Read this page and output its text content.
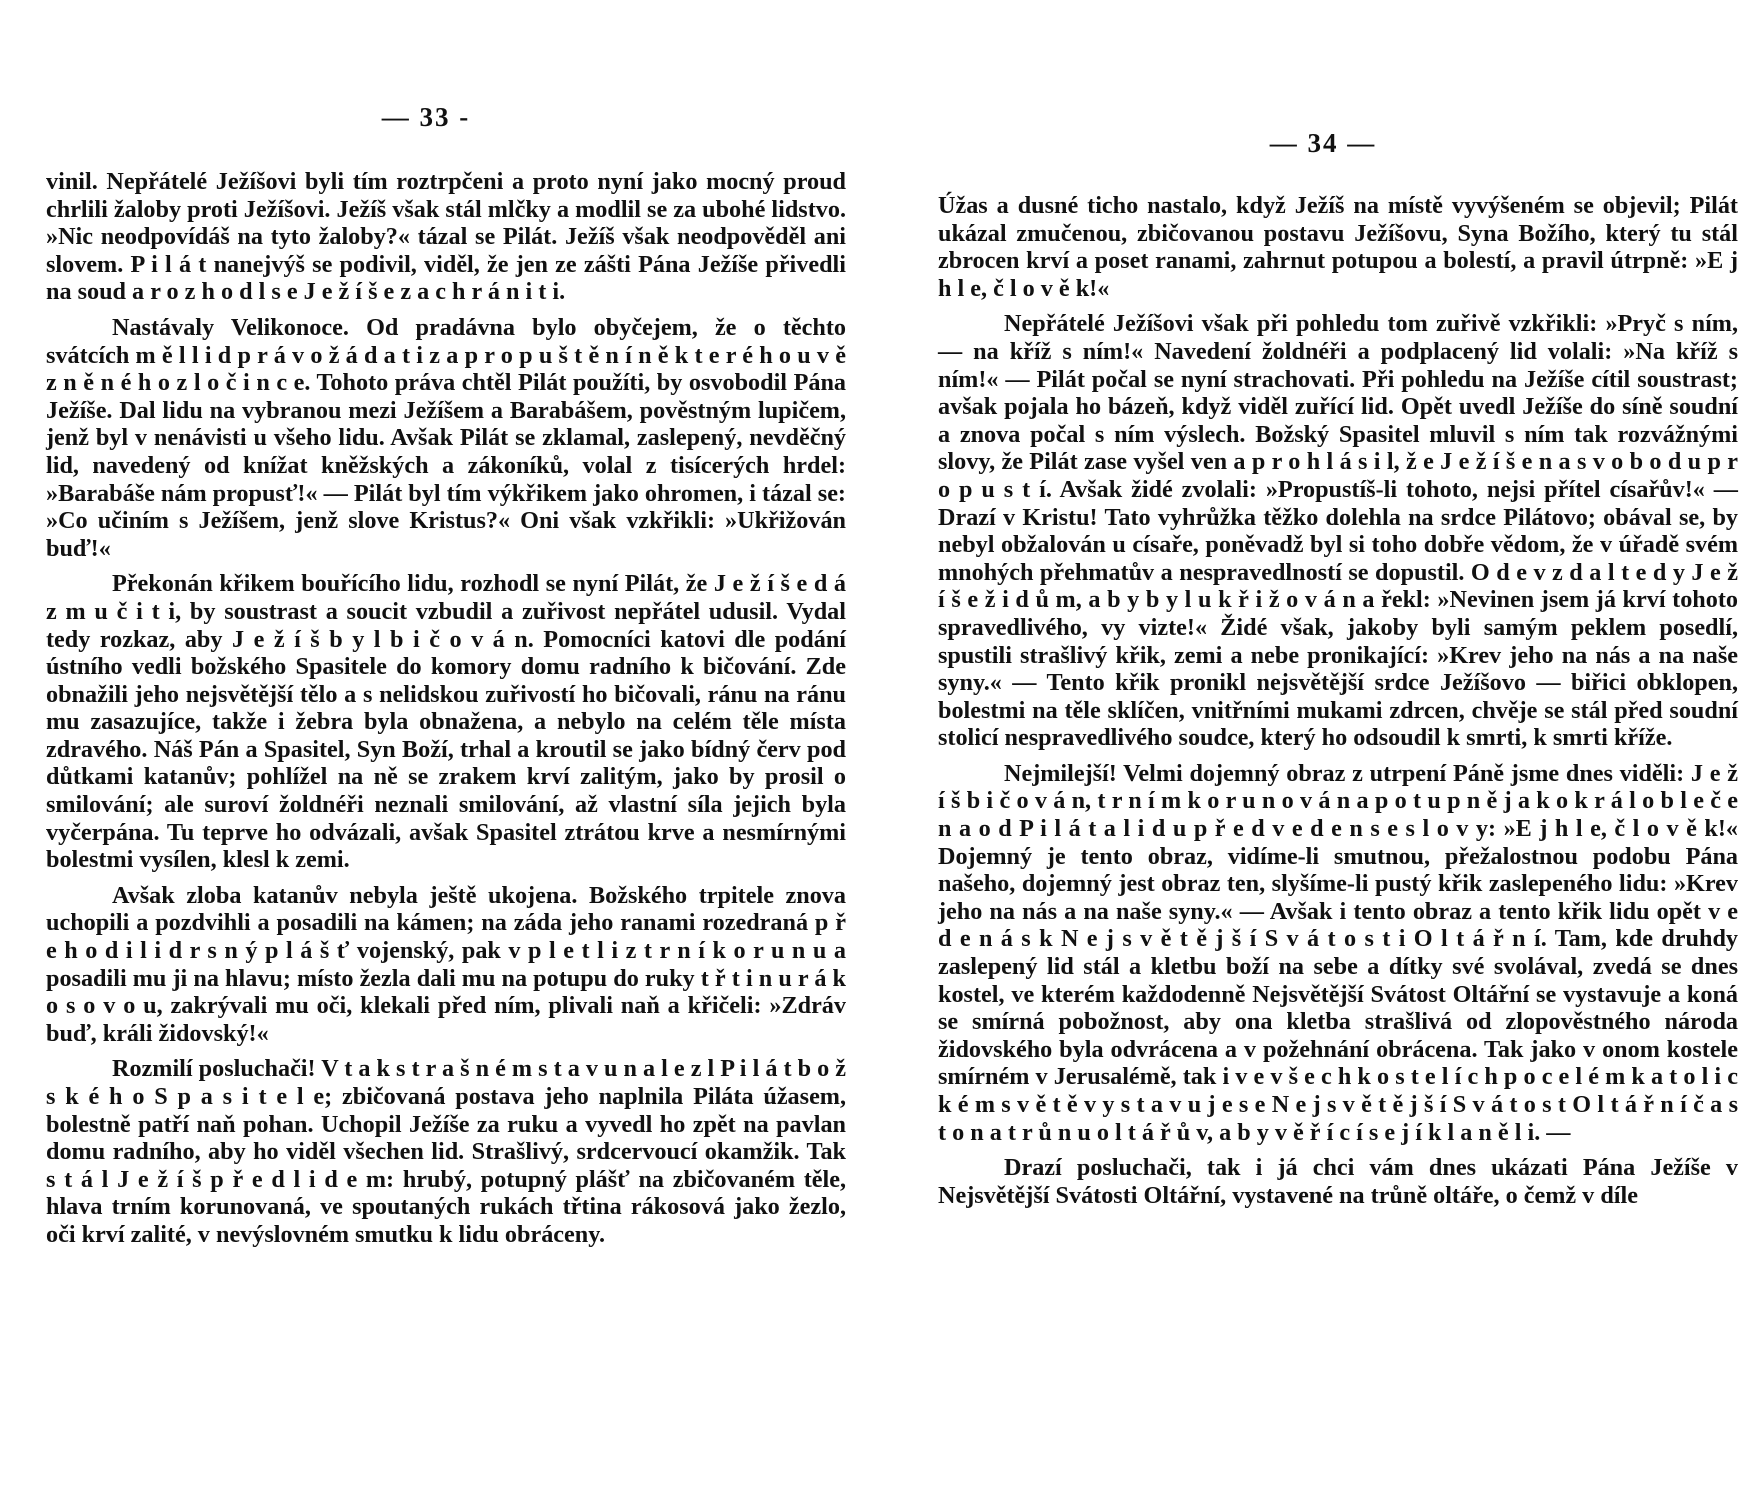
— 33 -

vinil. Nepřátelé Ježíšovi byli tím roztrpčeni a proto nyní jako mocný proud chrlili žaloby proti Ježíšovi. Ježíš však stál mlčky a modlil se za ubohé lidstvo. »Nic neodpovídáš na tyto žaloby?« tázal se Pilát. Ježíš však neodpověděl ani slovem. P i l á t nanejvýš se podivil, viděl, že jen ze zášti Pána Ježíše přivedli na soud a r o z h o d l s e J e ž í š e z a c h r á n i t i.

Nastávaly Velikonoce. Od pradávna bylo obyčejem, že o těchto svátcích m ě l l i d p r á v o ž á d a t i z a p r o p u š t ě n í n ě k t e r é h o u v ě z n ě n é h o z l o č i n c e. Tohoto práva chtěl Pilát použíti, by osvobodil Pána Ježíše. Dal lidu na vybranou mezi Ježíšem a Barabášem, pověstným lupičem, jenž byl v nenávisti u všeho lidu. Avšak Pilát se zklamal, zaslepený, nevděčný lid, navedený od knížat kněžských a zákoníků, volal z tisícerých hrdel: »Barabáše nám propusť!« — Pilát byl tím výkřikem jako ohromen, i tázal se: »Co učiním s Ježíšem, jenž slove Kristus?« Oni však vzkřikli: »Ukřižován buď!«

Překonán křikem bouřícího lidu, rozhodl se nyní Pilát, že J e ž í š e d á z m u č i t i, by soustrast a soucit vzbudil a zuřivost nepřátel udusil. Vydal tedy rozkaz, aby J e ž í š b y l b i č o v á n. Pomocníci katovi dle podání ústního vedli božského Spasitele do komory domu radního k bičování. Zde obnažili jeho nejsvětější tělo a s nelidskou zuřivostí ho bičovali, ránu na ránu mu zasazujíce, takže i žebra byla obnažena, a nebylo na celém těle místa zdravého. Náš Pán a Spasitel, Syn Boží, trhal a kroutil se jako bídný červ pod důtkami katanův; pohlížel na ně se zrakem krví zalitým, jako by prosil o smilování; ale suroví žoldnéři neznali smilování, až vlastní síla jejich byla vyčerpána. Tu teprve ho odvázali, avšak Spasitel ztrátou krve a nesmírnými bolestmi vysílen, klesl k zemi.

Avšak zloba katanův nebyla ještě ukojena. Božského trpitele znova uchopili a pozdvihli a posadili na kámen; na záda jeho ranami rozedraná p ř e h o d i l i d r s n ý p l á š ť vojenský, pak v p l e t l i z t r n í k o r u n u a posadili mu ji na hlavu; místo žezla dali mu na potupu do ruky t ř t i n u r á k o s o v o u, zakrývali mu oči, klekali před ním, plivali naň a křičeli: »Zdráv buď, králi židovský!«

Rozmilí posluchači! V t a k s t r a š n é m s t a v u n a l e z l P i l á t b o ž s k é h o S p a s i t e l e; zbičovaná postava jeho naplnila Piláta úžasem, bolestně patří naň pohan. Uchopil Ježíše za ruku a vyvedl ho zpět na pavlan domu radního, aby ho viděl všechen lid. Strašlivý, srdcervoucí okamžik. Tak s t á l J e ž í š p ř e d l i d e m: hrubý, potupný plášť na zbičovaném těle, hlava trním korunovaná, ve spoutaných rukách třtina rákosová jako žezlo, oči krví zalité, v nevýslovném smutku k lidu obráceny.

— 34 —

Úžas a dusné ticho nastalo, když Ježíš na místě vyvýšeném se objevil; Pilát ukázal zmučenou, zbičovanou postavu Ježíšovu, Syna Božího, který tu stál zbrocen krví a poset ranami, zahrnut potupou a bolestí, a pravil útrpně: »E j h l e, č l o v ě k!«

Nepřátelé Ježíšovi však při pohledu tom zuřivě vzkřikli: »Pryč s ním, — na kříž s ním!« Navedení žoldnéři a podplacený lid volali: »Na kříž s ním!« — Pilát počal se nyní strachovati. Při pohledu na Ježíše cítil soustrast; avšak pojala ho bázeň, když viděl zuřící lid. Opět uvedl Ježíše do síně soudní a znova počal s ním výslech. Božský Spasitel mluvil s ním tak rozvážnými slovy, že Pilát zase vyšel ven a p r o h l á s i l, ž e J e ž í š e n a s v o b o d u p r o p u s t í. Avšak židé zvolali: »Propustíš-li tohoto, nejsi přítel císařův!« — Drazí v Kristu! Tato vyhrůžka těžko dolehla na srdce Pilátovo; obával se, by nebyl obžalován u císaře, poněvadž byl si toho dobře vědom, že v úřadě svém mnohých přehmatův a nespravedlností se dopustil. O d e v z d a l t e d y J e ž í š e ž i d ů m, a b y b y l u k ř i ž o v á n a řekl: »Nevinen jsem já krví tohoto spravedlivého, vy vizte!« Židé však, jakoby byli samým peklem posedlí, spustili strašlivý křik, zemi a nebe pronikající: »Krev jeho na nás a na naše syny.« — Tento křik pronikl nejsvětější srdce Ježíšovo — biřici obklopen, bolestmi na těle sklíčen, vnitřními mukami zdrcen, chvěje se stál před soudní stolicí nespravedlivého soudce, který ho odsoudil k smrti, k smrti kříže.

Nejmilejší! Velmi dojemný obraz z utrpení Páně jsme dnes viděli: J e ž í š b i č o v á n, t r n í m k o r u n o v á n a p o t u p n ě j a k o k r á l o b l e č e n a o d P i l á t a l i d u p ř e d v e d e n s e s l o v y: »E j h l e, č l o v ě k!« Dojemný je tento obraz, vidíme-li smutnou, přežalostnou podobu Pána našeho, dojemný jest obraz ten, slyšíme-li pustý křik zaslepeného lidu: »Krev jeho na nás a na naše syny.« — Avšak i tento obraz a tento křik lidu opět v e d e n á s k N e j s v ě t ě j š í S v á t o s t i O l t á ř n í. Tam, kde druhdy zaslepený lid stál a kletbu boží na sebe a dítky své svolával, zvedá se dnes kostel, ve kterém každodenně Nejsvětější Svátost Oltářní se vystavuje a koná se smírná pobožnost, aby ona kletba strašlivá od zlopověstného národa židovského byla odvrácena a v požehnání obrácena. Tak jako v onom kostele smírném v Jerusalémě, tak i v e v š e c h k o s t e l í c h p o c e l é m k a t o l i c k é m s v ě t ě v y s t a v u j e s e N e j s v ě t ě j š í S v á t o s t O l t á ř n í č a s t o n a t r ů n u o l t á ř ů v, a b y v ě ř í c í s e j í k l a n ě l i. —

Drazí posluchači, tak i já chci vám dnes ukázati Pána Ježíše v Nejsvětější Svátosti Oltářní, vystavené na trůně oltáře, o čemž v díle
